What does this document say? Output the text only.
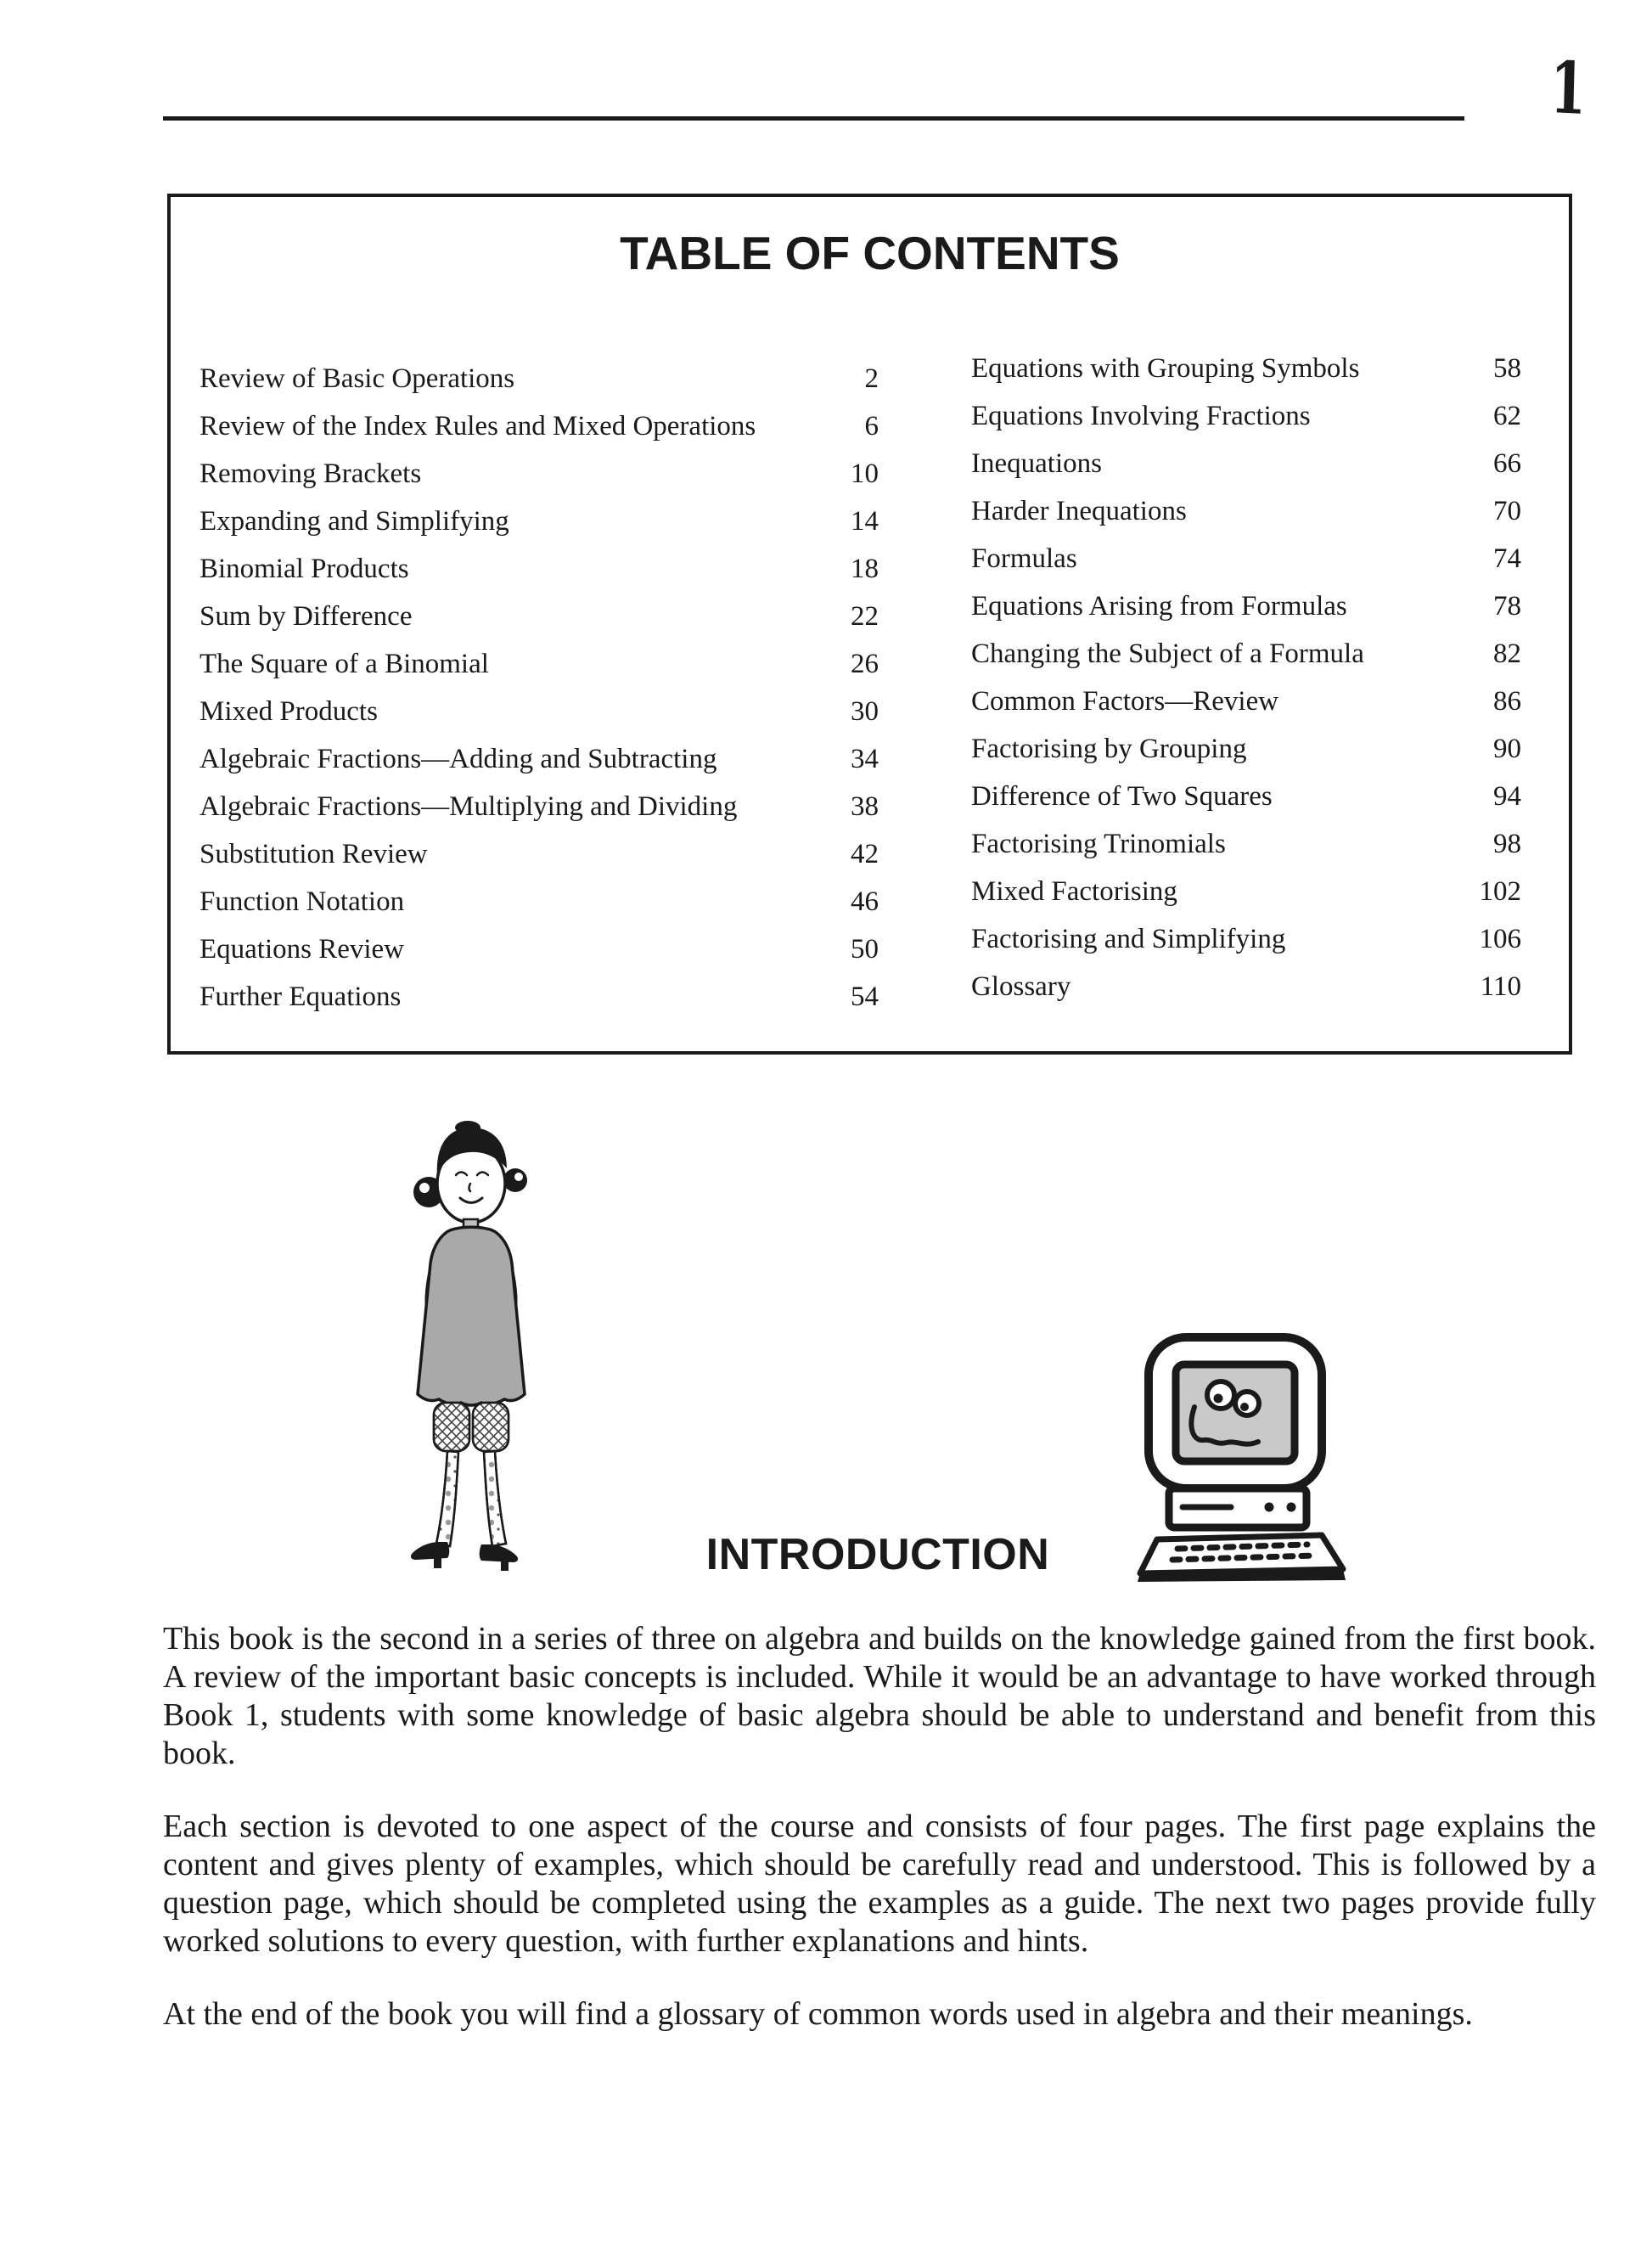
1
TABLE OF CONTENTS
Review of Basic Operations	2
Review of the Index Rules and Mixed Operations	6
Removing Brackets	10
Expanding and Simplifying	14
Binomial Products	18
Sum by Difference	22
The Square of a Binomial	26
Mixed Products	30
Algebraic Fractions—Adding and Subtracting	34
Algebraic Fractions—Multiplying and Dividing	38
Substitution Review	42
Function Notation	46
Equations Review	50
Further Equations	54
Equations with Grouping Symbols	58
Equations Involving Fractions	62
Inequations	66
Harder Inequations	70
Formulas	74
Equations Arising from Formulas	78
Changing the Subject of a Formula	82
Common Factors—Review	86
Factorising by Grouping	90
Difference of Two Squares	94
Factorising Trinomials	98
Mixed Factorising	102
Factorising and Simplifying	106
Glossary	110
INTRODUCTION

This book is the second in a series of three on algebra and builds on the knowledge gained from the first book. A review of the important basic concepts is included. While it would be an advantage to have worked through Book 1, students with some knowledge of basic algebra should be able to understand and benefit from this book.

Each section is devoted to one aspect of the course and consists of four pages. The first page explains the content and gives plenty of examples, which should be carefully read and understood. This is followed by a question page, which should be completed using the examples as a guide. The next two pages provide fully worked solutions to every question, with further explanations and hints.

At the end of the book you will find a glossary of common words used in algebra and their meanings.
